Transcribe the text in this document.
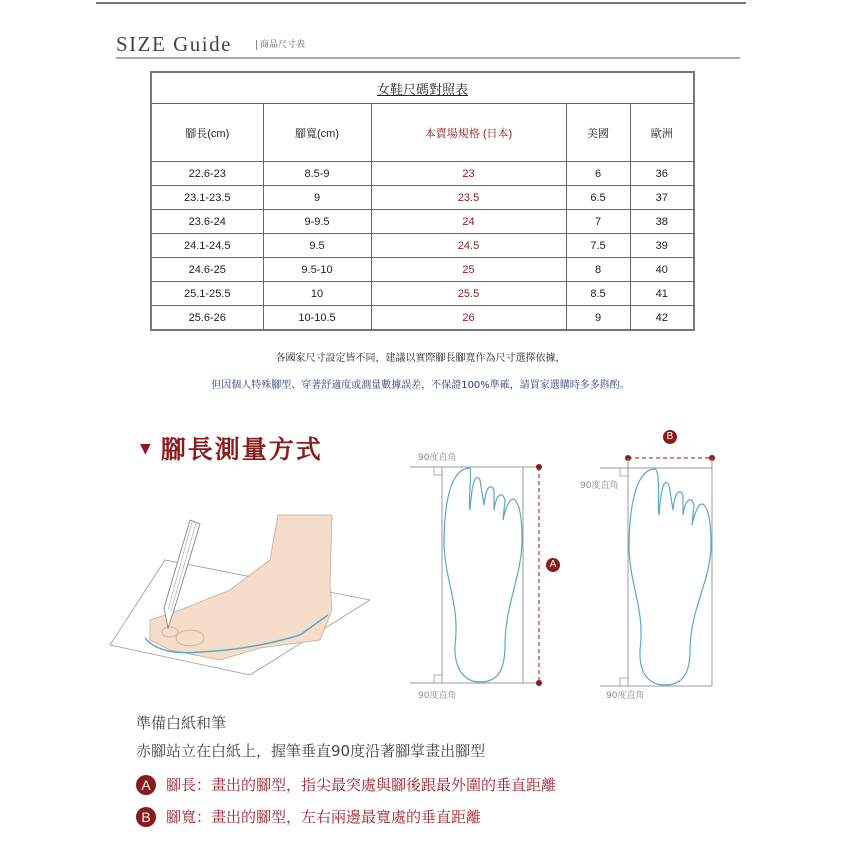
SIZE Guide	商品尺寸表
女鞋尺碼對照表				
腳長(cm)	腳寬(cm)	本賣場規格 (日本)	美國	歐洲
22.6-23	8.5-9	23	6	36
23.1-23.5	9	23.5	6.5	37
23.6-24	9-9.5	24	7	38
24.1-24.5	9.5	24.5	7.5	39
24.6-25	9.5-10	25	8	40
25.1-25.5	10	25.5	8.5	41
25.6-26	10-10.5	26	9	42
各國家尺寸設定皆不同，建議以實際腳長腳寬作為尺寸選擇依據，
但因個人特殊腳型、穿著舒適度或測量數據誤差，不保證100%準確，請買家選購時多多斟酌。
▼ 腳長測量方式	90度直角
90度直角
A
B
90度直角
90度直角
準備白紙和筆
赤腳站立在白紙上，握筆垂直90度沿著腳掌畫出腳型
A	腳長：畫出的腳型，指尖最突處與腳後跟最外圍的垂直距離
B	腳寬：畫出的腳型，左右兩邊最寬處的垂直距離
